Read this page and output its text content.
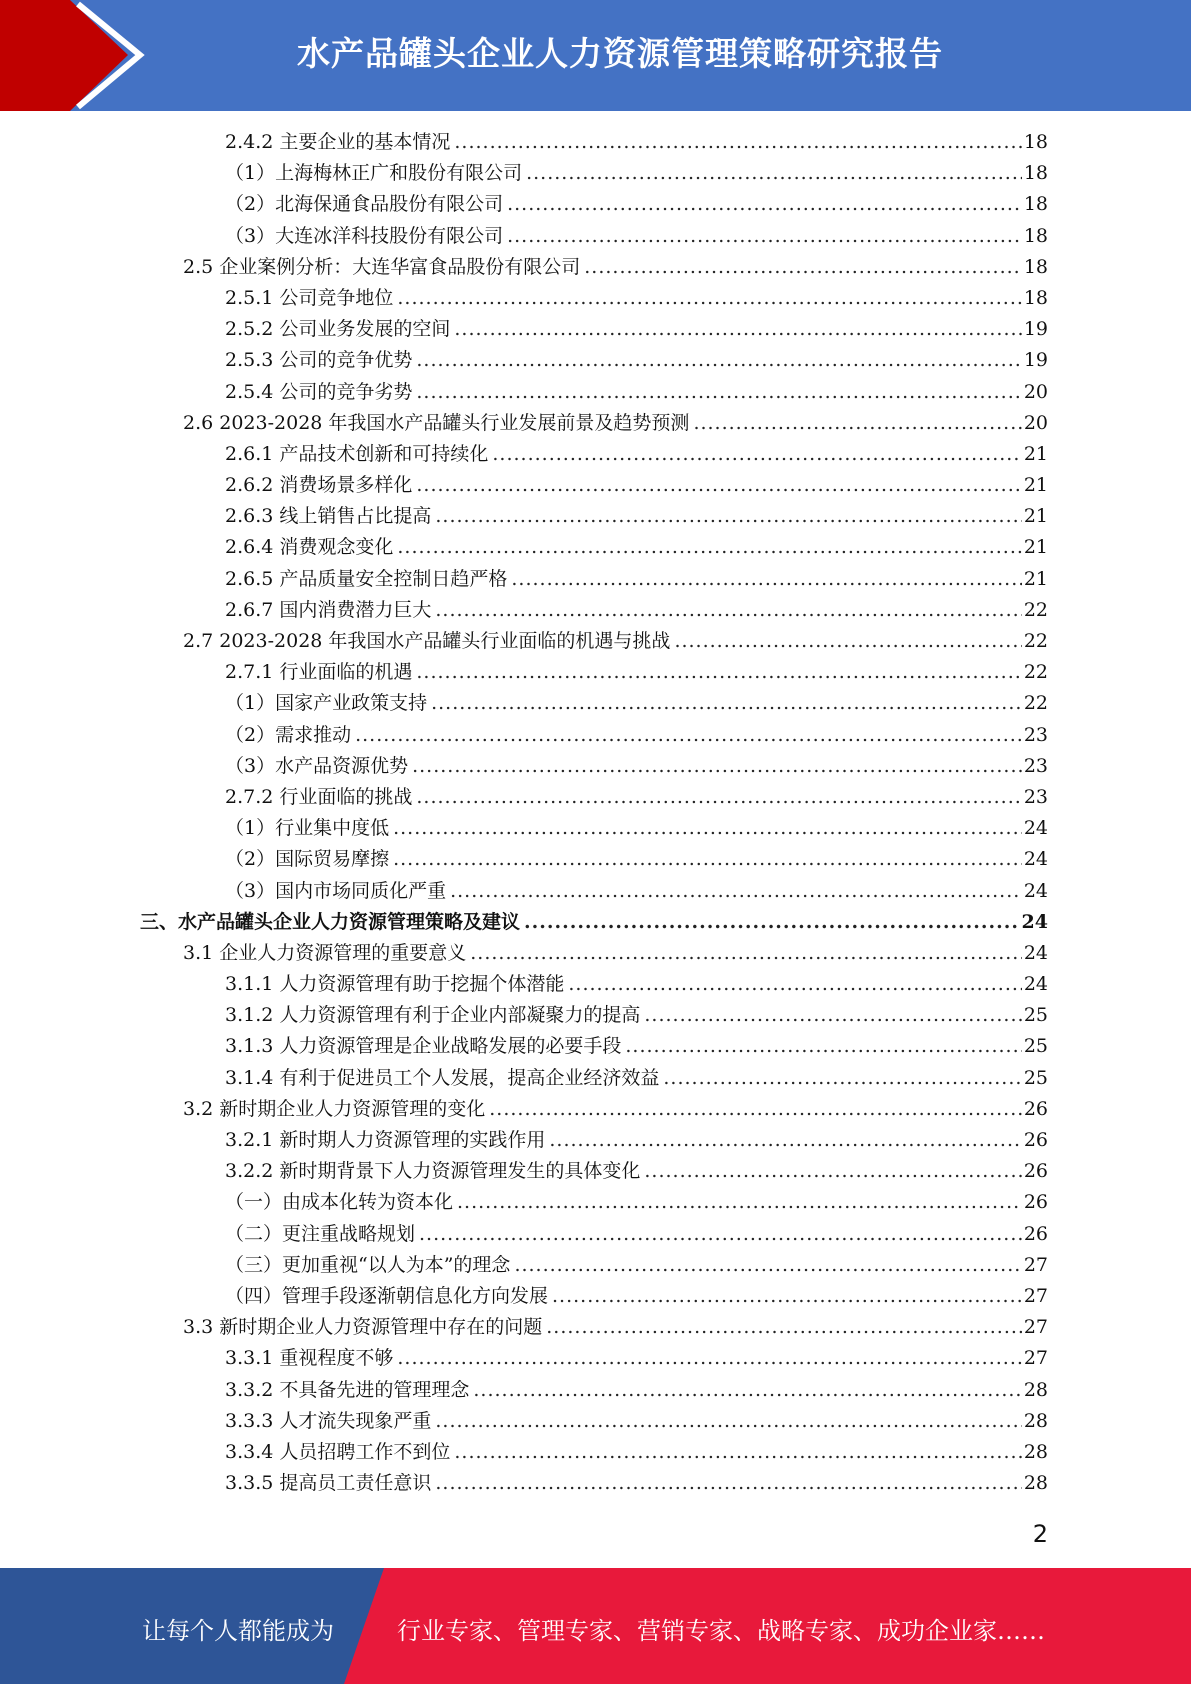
水产品罐头企业人力资源管理策略研究报告
2.4.2 主要企业的基本情况 .....	18
（1）上海梅林正广和股份有限公司 .....	18
（2）北海保通食品股份有限公司 .....	18
（3）大连冰洋科技股份有限公司 .....	18
2.5 企业案例分析：大连华富食品股份有限公司 .....	18
2.5.1 公司竞争地位 .....	18
2.5.2 公司业务发展的空间 .....	19
2.5.3 公司的竞争优势 .....	19
2.5.4 公司的竞争劣势 .....	20
2.6 2023-2028 年我国水产品罐头行业发展前景及趋势预测 .....	20
2.6.1 产品技术创新和可持续化 .....	21
2.6.2 消费场景多样化 .....	21
2.6.3 线上销售占比提高 .....	21
2.6.4 消费观念变化 .....	21
2.6.5 产品质量安全控制日趋严格 .....	21
2.6.7 国内消费潜力巨大 .....	22
2.7 2023-2028 年我国水产品罐头行业面临的机遇与挑战 .....	22
2.7.1 行业面临的机遇 .....	22
（1）国家产业政策支持 .....	22
（2）需求推动 .....	23
（3）水产品资源优势 .....	23
2.7.2 行业面临的挑战 .....	23
（1）行业集中度低 .....	24
（2）国际贸易摩擦 .....	24
（3）国内市场同质化严重 .....	24
三、水产品罐头企业人力资源管理策略及建议 .....	24
3.1 企业人力资源管理的重要意义 .....	24
3.1.1 人力资源管理有助于挖掘个体潜能 .....	24
3.1.2 人力资源管理有利于企业内部凝聚力的提高 .....	25
3.1.3 人力资源管理是企业战略发展的必要手段 .....	25
3.1.4 有利于促进员工个人发展，提高企业经济效益 .....	25
3.2 新时期企业人力资源管理的变化 .....	26
3.2.1 新时期人力资源管理的实践作用 .....	26
3.2.2 新时期背景下人力资源管理发生的具体变化 .....	26
（一）由成本化转为资本化 .....	26
（二）更注重战略规划 .....	26
（三）更加重视“以人为本”的理念 .....	27
（四）管理手段逐渐朝信息化方向发展 .....	27
3.3 新时期企业人力资源管理中存在的问题 .....	27
3.3.1 重视程度不够 .....	27
3.3.2 不具备先进的管理理念 .....	28
3.3.3 人才流失现象严重 .....	28
3.3.4 人员招聘工作不到位 .....	28
3.3.5 提高员工责任意识 .....	28
2
让每个人都能成为	行业专家、管理专家、营销专家、战略专家、成功企业家……
